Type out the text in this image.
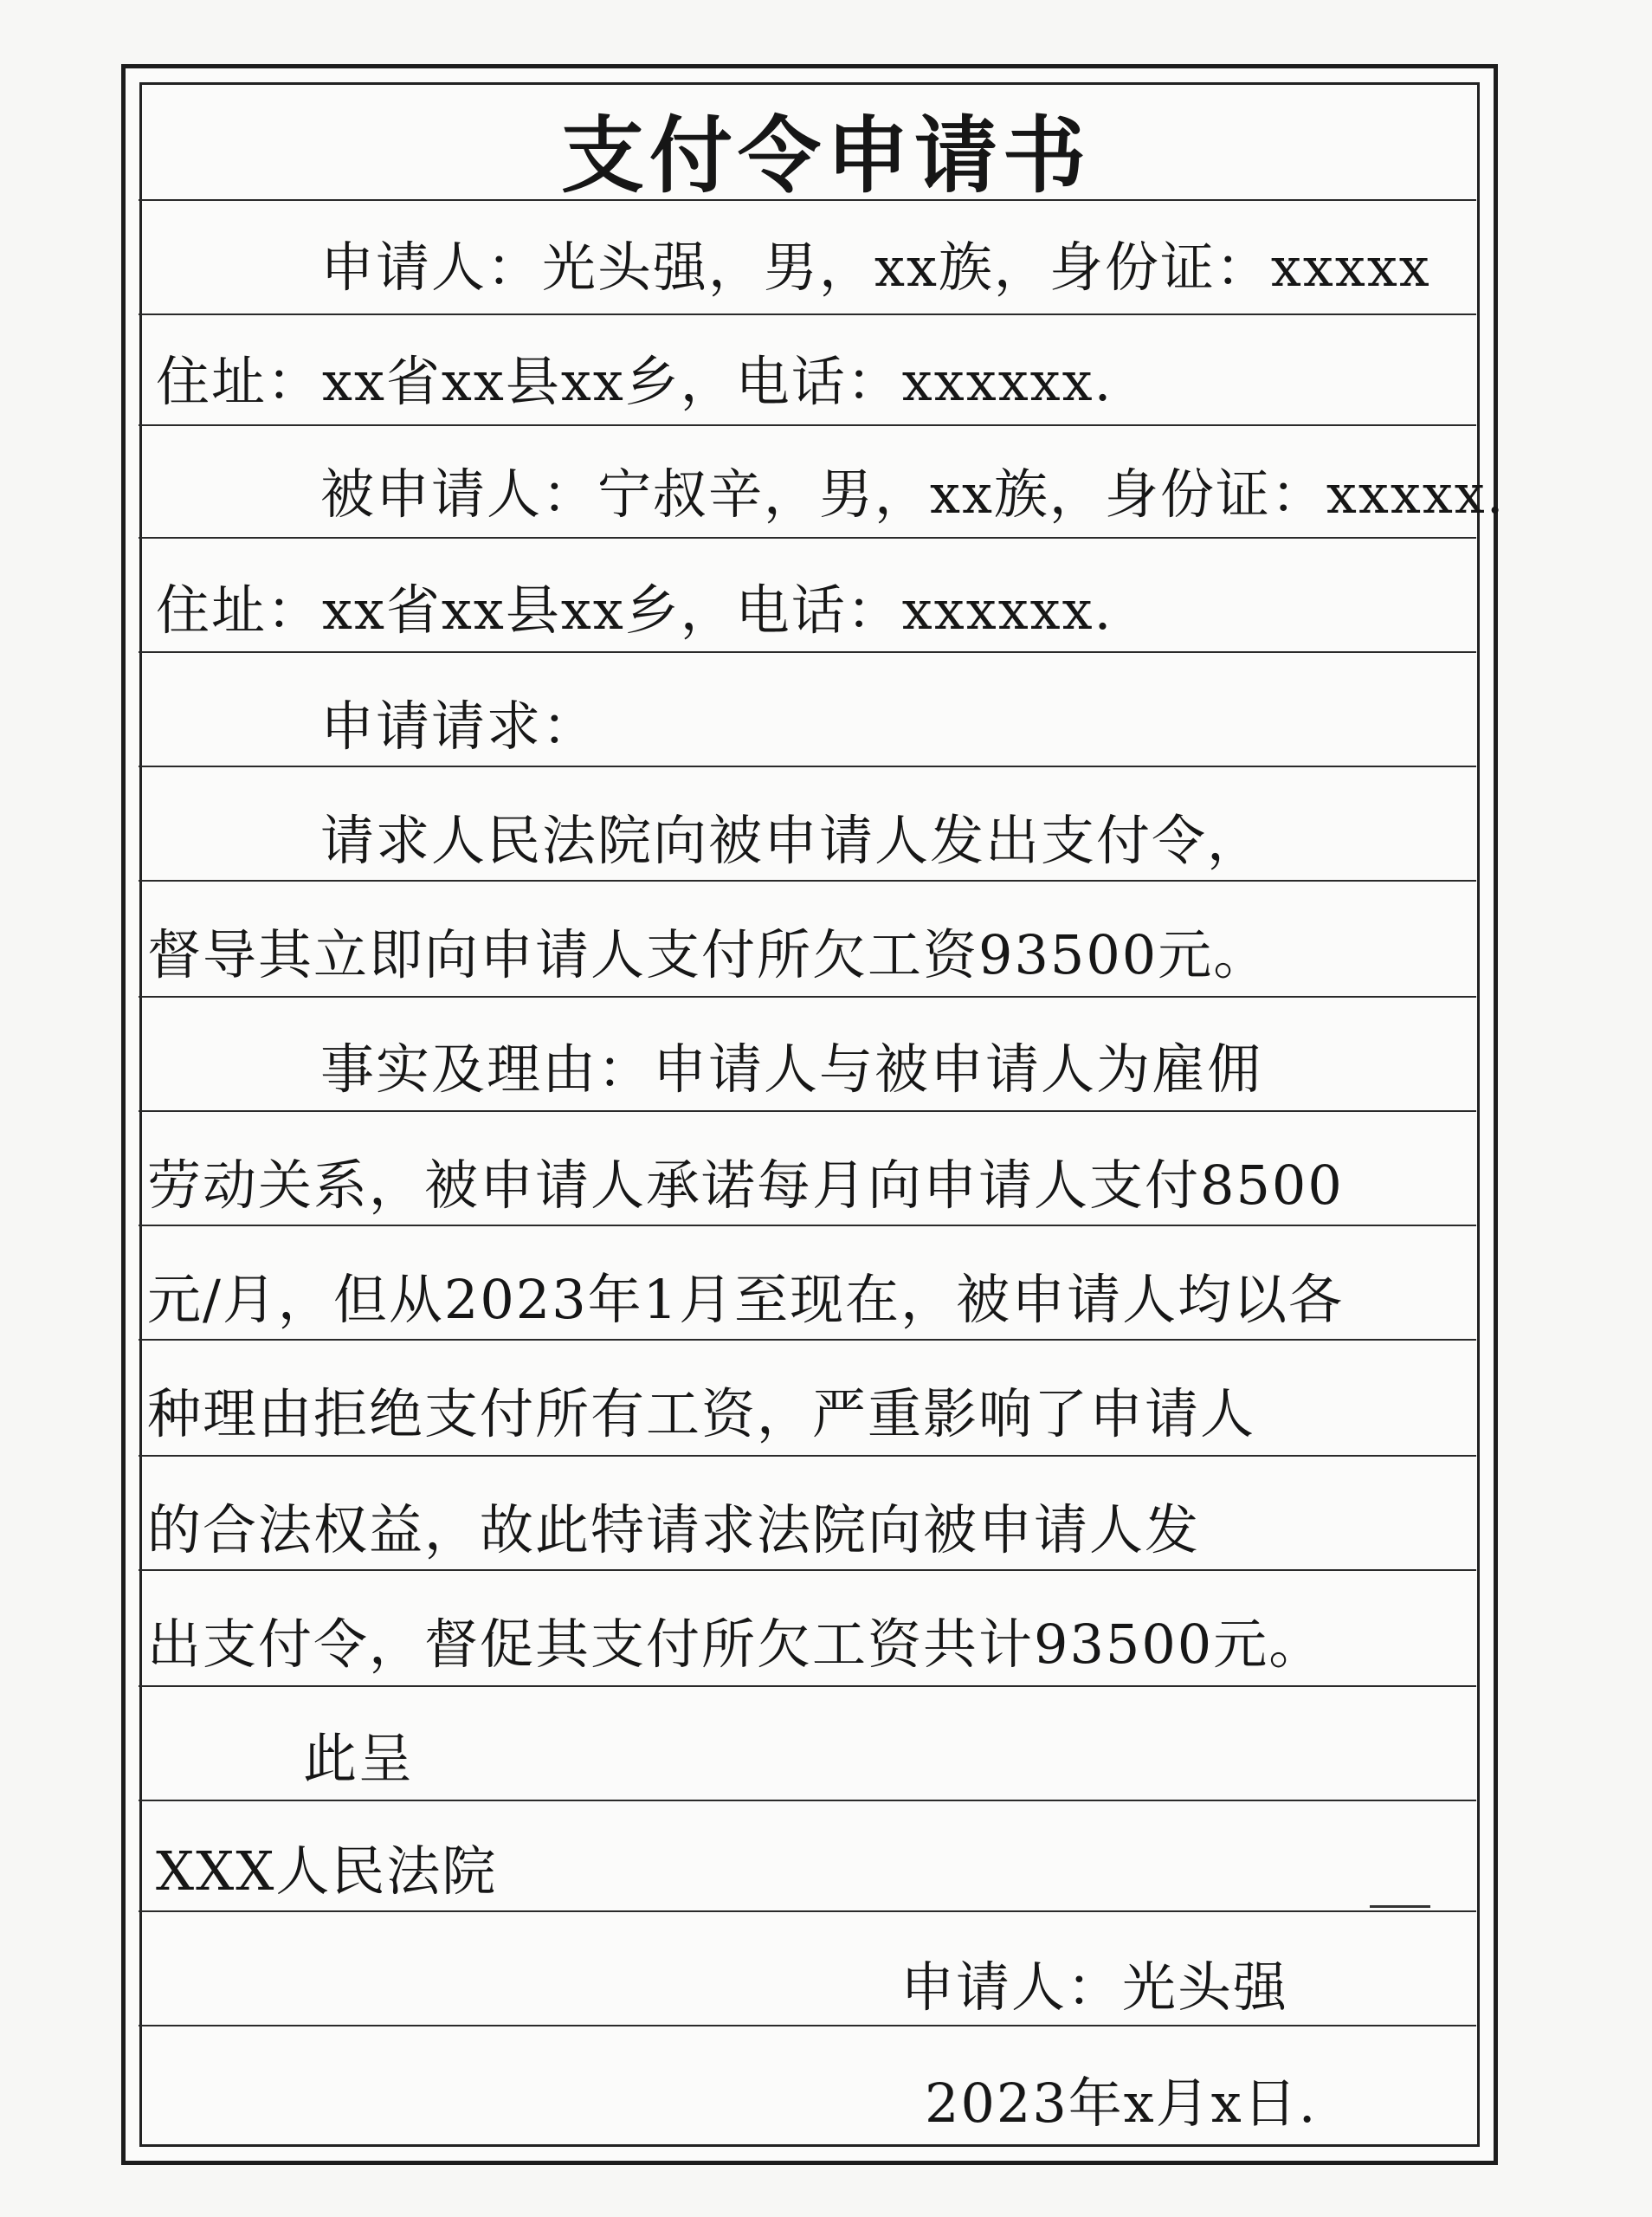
支付令申请书
申请人：光头强，男，xx族，身份证：xxxxx
住址：xx省xx县xx乡，电话：xxxxxx.
被申请人：宁叔辛，男，xx族，身份证：xxxxx.
住址：xx省xx县xx乡，电话：xxxxxx.
申请请求：
请求人民法院向被申请人发出支付令，
督导其立即向申请人支付所欠工资93500元。
事实及理由：申请人与被申请人为雇佣
劳动关系，被申请人承诺每月向申请人支付8500
元/月，但从2023年1月至现在，被申请人均以各
种理由拒绝支付所有工资，严重影响了申请人
的合法权益，故此特请求法院向被申请人发
出支付令，督促其支付所欠工资共计93500元。
此呈
XXX人民法院
申请人：光头强
2023年x月x日.
